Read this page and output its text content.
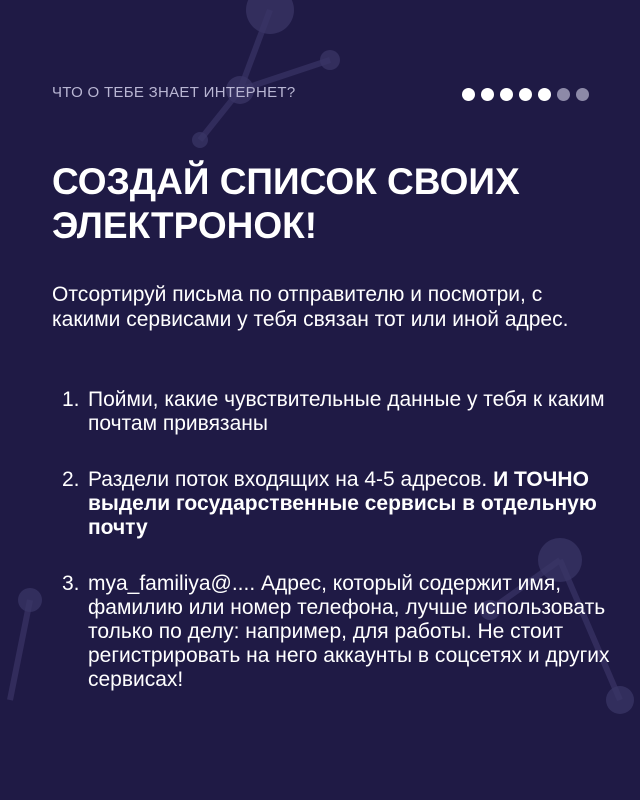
ЧТО О ТЕБЕ ЗНАЕТ ИНТЕРНЕТ?
СОЗДАЙ СПИСОК СВОИХ ЭЛЕКТРОНОК!

Отсортируй письма по отправителю и посмотри, с какими сервисами у тебя связан тот или иной адрес.

1. Пойми, какие чувствительные данные у тебя к каким почтам привязаны
2. Раздели поток входящих на 4-5 адресов. И ТОЧНО выдели государственные сервисы в отдельную почту
3. mya_familiya@.... Адрес, который содержит имя, фамилию или номер телефона, лучше использовать только по делу: например, для работы. Не стоит регистрировать на него аккаунты в соцсетях и других сервисах!
